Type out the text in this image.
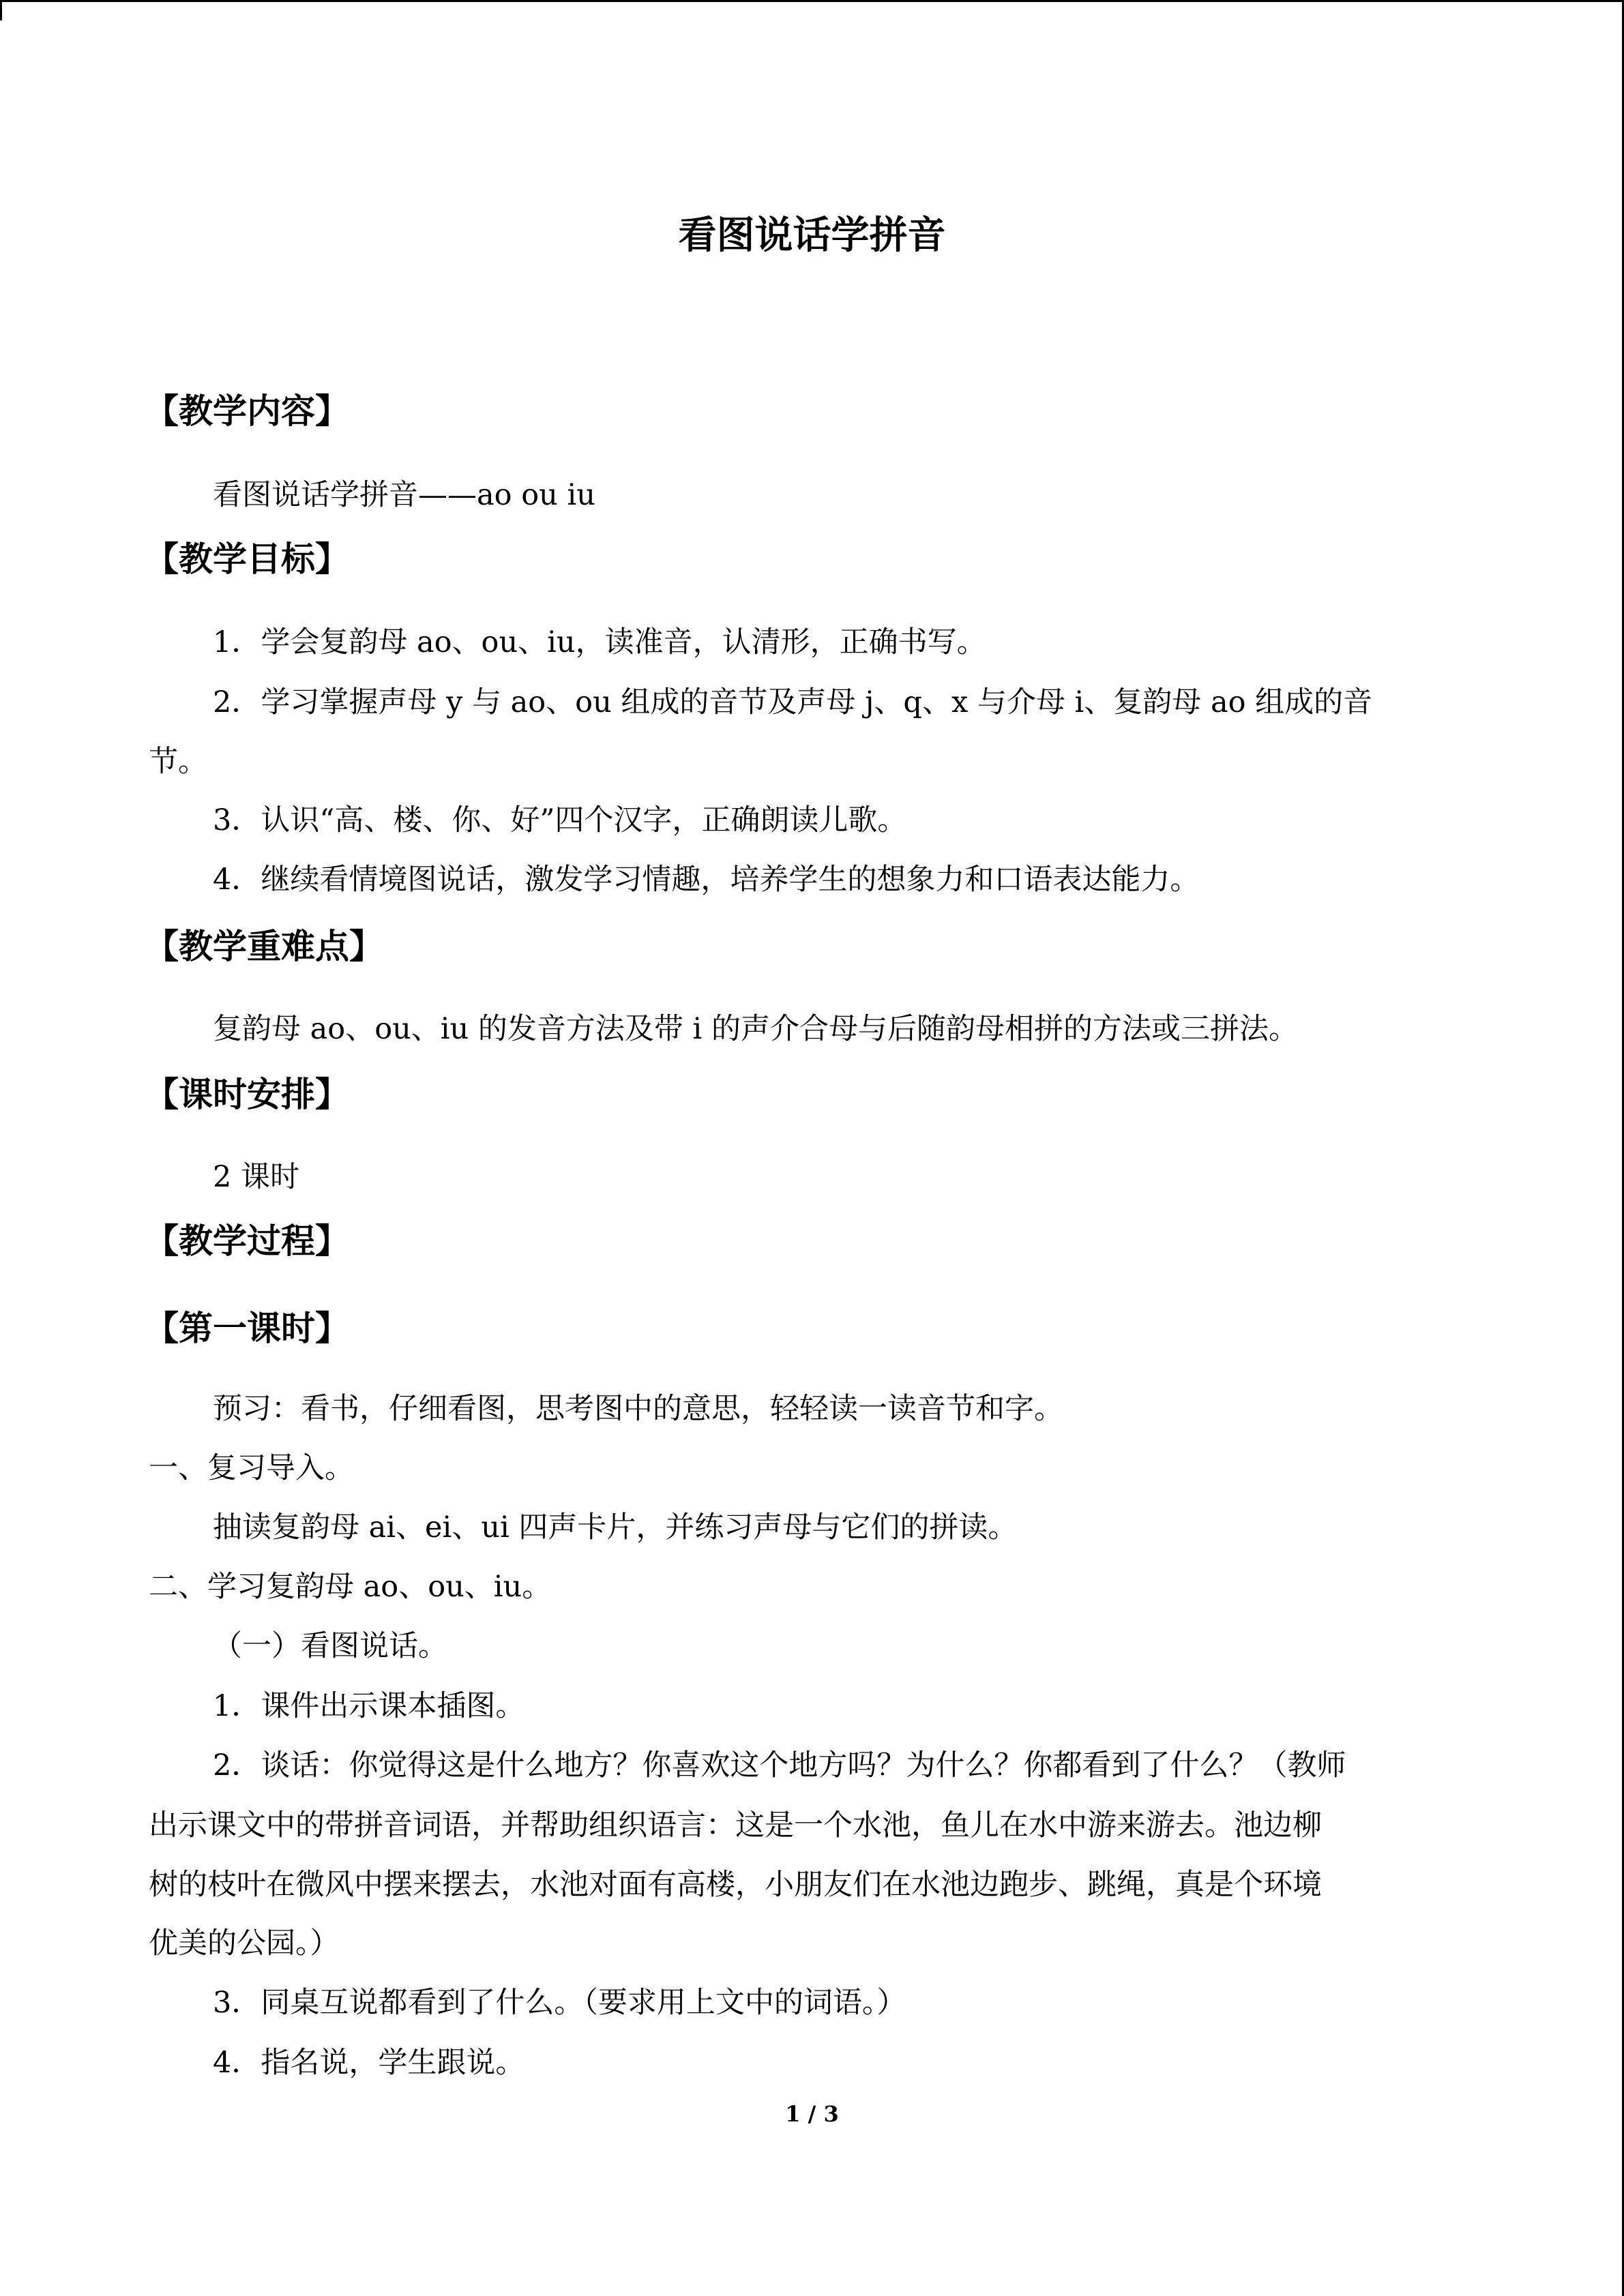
看图说话学拼音
【教学内容】
看图说话学拼音——ao ou iu
【教学目标】
1．学会复韵母 ao、ou、iu，读准音，认清形，正确书写。
2．学习掌握声母 y 与 ao、ou 组成的音节及声母 j、q、x 与介母 i、复韵母 ao 组成的音
节。
3．认识“高、楼、你、好”四个汉字，正确朗读儿歌。
4．继续看情境图说话，激发学习情趣，培养学生的想象力和口语表达能力。
【教学重难点】
复韵母 ao、ou、iu 的发音方法及带 i 的声介合母与后随韵母相拼的方法或三拼法。
【课时安排】
2 课时
【教学过程】
【第一课时】
预习：看书，仔细看图，思考图中的意思，轻轻读一读音节和字。
一、复习导入。
抽读复韵母 ai、ei、ui 四声卡片，并练习声母与它们的拼读。
二、学习复韵母 ao、ou、iu。
（一）看图说话。
1．课件出示课本插图。
2．谈话：你觉得这是什么地方？你喜欢这个地方吗？为什么？你都看到了什么？（教师
出示课文中的带拼音词语，并帮助组织语言：这是一个水池，鱼儿在水中游来游去。池边柳
树的枝叶在微风中摆来摆去，水池对面有高楼，小朋友们在水池边跑步、跳绳，真是个环境
优美的公园。）
3．同桌互说都看到了什么。（要求用上文中的词语。）
4．指名说，学生跟说。
1 / 3
